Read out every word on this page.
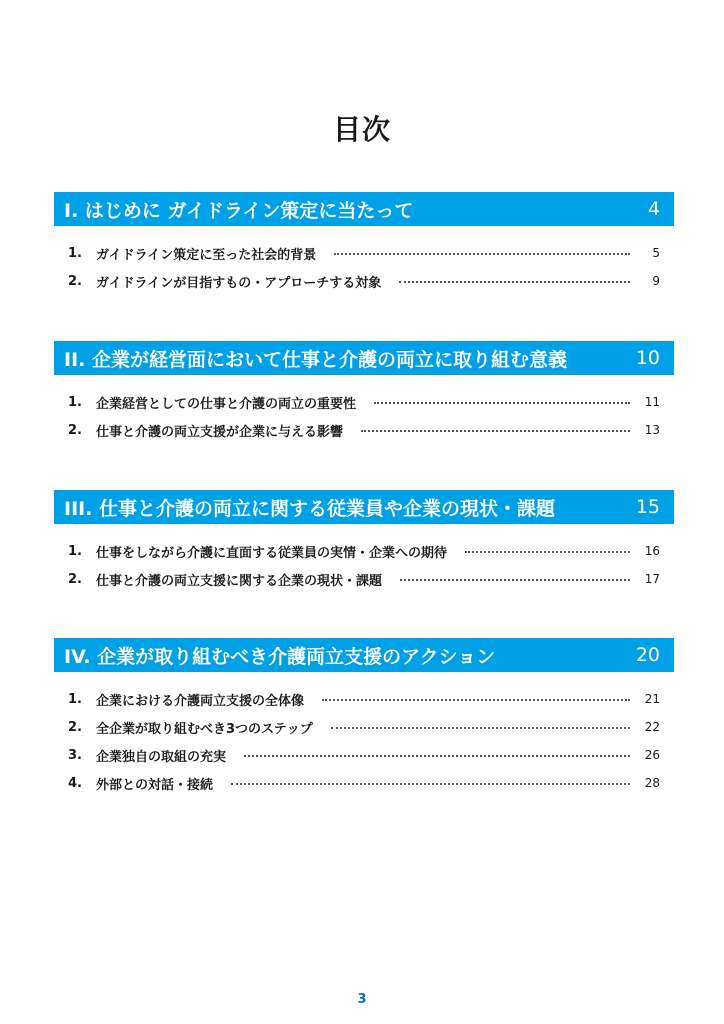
目次
I. はじめに ガイドライン策定に当たって	4
1.	ガイドライン策定に至った社会的背景	5
2.	ガイドラインが目指すもの・アプローチする対象	9
II. 企業が経営面において仕事と介護の両立に取り組む意義	10
1.	企業経営としての仕事と介護の両立の重要性	11
2.	仕事と介護の両立支援が企業に与える影響	13
III. 仕事と介護の両立に関する従業員や企業の現状・課題	15
1.	仕事をしながら介護に直面する従業員の実情・企業への期待	16
2.	仕事と介護の両立支援に関する企業の現状・課題	17
IV. 企業が取り組むべき介護両立支援のアクション	20
1.	企業における介護両立支援の全体像	21
2.	全企業が取り組むべき3つのステップ	22
3.	企業独自の取組の充実	26
4.	外部との対話・接続	28
3
